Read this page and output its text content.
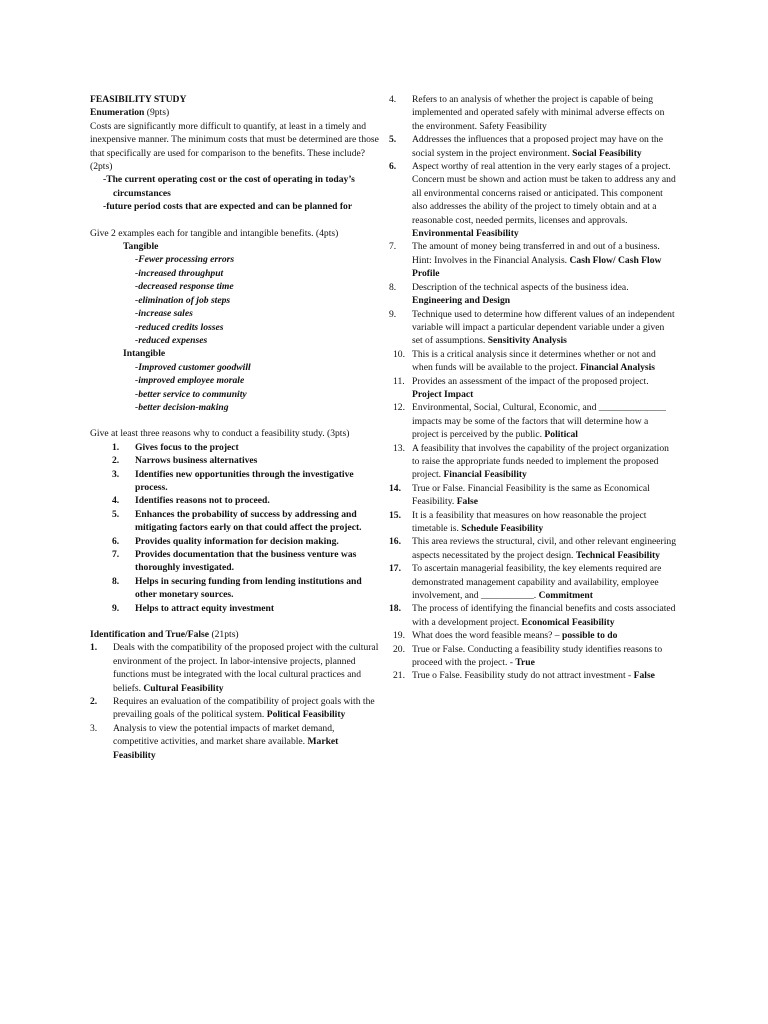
FEASIBILITY STUDY

Enumeration (9pts)

Costs are significantly more difficult to quantify, at least in a timely and inexpensive manner. The minimum costs that must be determined are those that specifically are used for comparison to the benefits. These include? (2pts)

-The current operating cost or the cost of operating in today’s circumstances

-future period costs that are expected and can be planned for

Give 2 examples each for tangible and intangible benefits. (4pts)

Tangible

-Fewer processing errors

-increased throughput

-decreased response time

-elimination of job steps

-increase sales

-reduced credits losses

-reduced expenses

Intangible

-Improved customer goodwill

-improved employee morale

-better service to community

-better decision-making

Give at least three reasons why to conduct a feasibility study. (3pts)

1.	Gives focus to the project
2.	Narrows business alternatives
3.	Identifies new opportunities through the investigative process.
4.	Identifies reasons not to proceed.
5.	Enhances the probability of success by addressing and mitigating factors early on that could affect the project.
6.	Provides quality information for decision making.
7.	Provides documentation that the business venture was thoroughly investigated.
8.	Helps in securing funding from lending institutions and other monetary sources.
9.	Helps to attract equity investment

Identification and True/False (21pts)

1.	Deals with the compatibility of the proposed project with the cultural environment of the project. In labor-intensive projects, planned functions must be integrated with the local cultural practices and beliefs. Cultural Feasibility
2.	Requires an evaluation of the compatibility of project goals with the prevailing goals of the political system. Political Feasibility
3.	Analysis to view the potential impacts of market demand, competitive activities, and market share available. Market Feasibility
4.	Refers to an analysis of whether the project is capable of being implemented and operated safely with minimal adverse effects on the environment. Safety Feasibility
5.	Addresses the influences that a proposed project may have on the social system in the project environment. Social Feasibility
6.	Aspect worthy of real attention in the very early stages of a project. Concern must be shown and action must be taken to address any and all environmental concerns raised or anticipated. This component also addresses the ability of the project to timely obtain and at a reasonable cost, needed permits, licenses and approvals. Environmental Feasibility
7.	The amount of money being transferred in and out of a business. Hint: Involves in the Financial Analysis. Cash Flow/ Cash Flow Profile
8.	Description of the technical aspects of the business idea. Engineering and Design
9.	Technique used to determine how different values of an independent variable will impact a particular dependent variable under a given set of assumptions. Sensitivity Analysis
10. This is a critical analysis since it determines whether or not and when funds will be available to the project. Financial Analysis
11. Provides an assessment of the impact of the proposed project. Project Impact
12. Environmental, Social, Cultural, Economic, and ______________ impacts may be some of the factors that will determine how a project is perceived by the public. Political
13. A feasibility that involves the capability of the project organization to raise the appropriate funds needed to implement the proposed project. Financial Feasibility
14.	True or False. Financial Feasibility is the same as Economical Feasibility. False
15.	It is a feasibility that measures on how reasonable the project timetable is. Schedule Feasibility
16.	This area reviews the structural, civil, and other relevant engineering aspects necessitated by the project design. Technical Feasibility
17.	To ascertain managerial feasibility, the key elements required are demonstrated management capability and availability, employee involvement, and ___________. Commitment
18.	The process of identifying the financial benefits and costs associated with a development project. Economical Feasibility
19. What does the word feasible means? – possible to do
20. True or False. Conducting a feasibility study identifies reasons to proceed with the project. - True
21. True o False. Feasibility study do not attract investment - False
